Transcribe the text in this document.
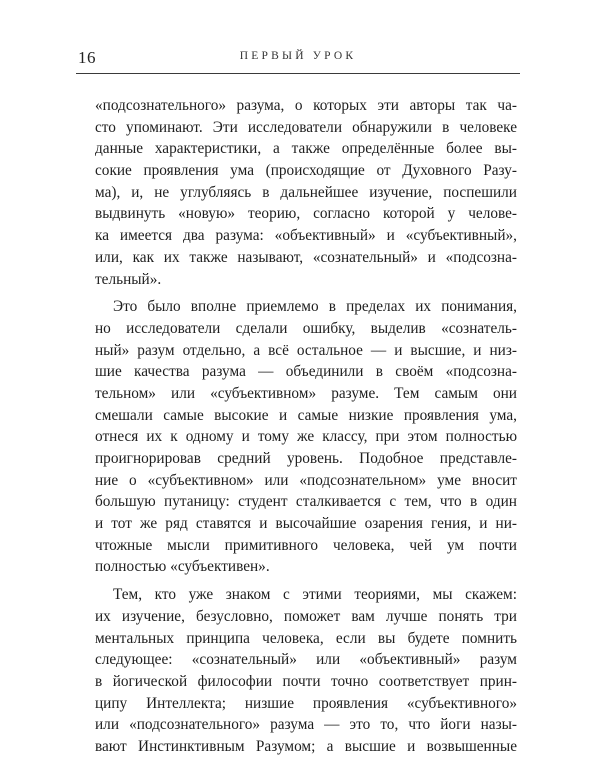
16	ПЕРВЫЙ УРОК
«подсознательного» разума, о которых эти авторы так ча-
сто упоминают. Эти исследователи обнаружили в человеке
данные характеристики, а также определённые более вы-
сокие проявления ума (происходящие от Духовного Разу-
ма), и, не углубляясь в дальнейшее изучение, поспешили
выдвинуть «новую» теорию, согласно которой у челове-
ка имеется два разума: «объективный» и «субъективный»,
или, как их также называют, «сознательный» и «подсозна-
тельный».
Это было вполне приемлемо в пределах их понимания,
но исследователи сделали ошибку, выделив «сознатель-
ный» разум отдельно, а всё остальное — и высшие, и низ-
шие качества разума — объединили в своём «подсозна-
тельном» или «субъективном» разуме. Тем самым они
смешали самые высокие и самые низкие проявления ума,
отнеся их к одному и тому же классу, при этом полностью
проигнорировав средний уровень. Подобное представле-
ние о «субъективном» или «подсознательном» уме вносит
большую путаницу: студент сталкивается с тем, что в один
и тот же ряд ставятся и высочайшие озарения гения, и ни-
чтожные мысли примитивного человека, чей ум почти
полностью «субъективен».
Тем, кто уже знаком с этими теориями, мы скажем:
их изучение, безусловно, поможет вам лучше понять три
ментальных принципа человека, если вы будете помнить
следующее: «сознательный» или «объективный» разум
в йогической философии почти точно соответствует прин-
ципу Интеллекта; низшие проявления «субъективного»
или «подсознательного» разума — это то, что йоги назы-
вают Инстинктивным Разумом; а высшие и возвышенные
